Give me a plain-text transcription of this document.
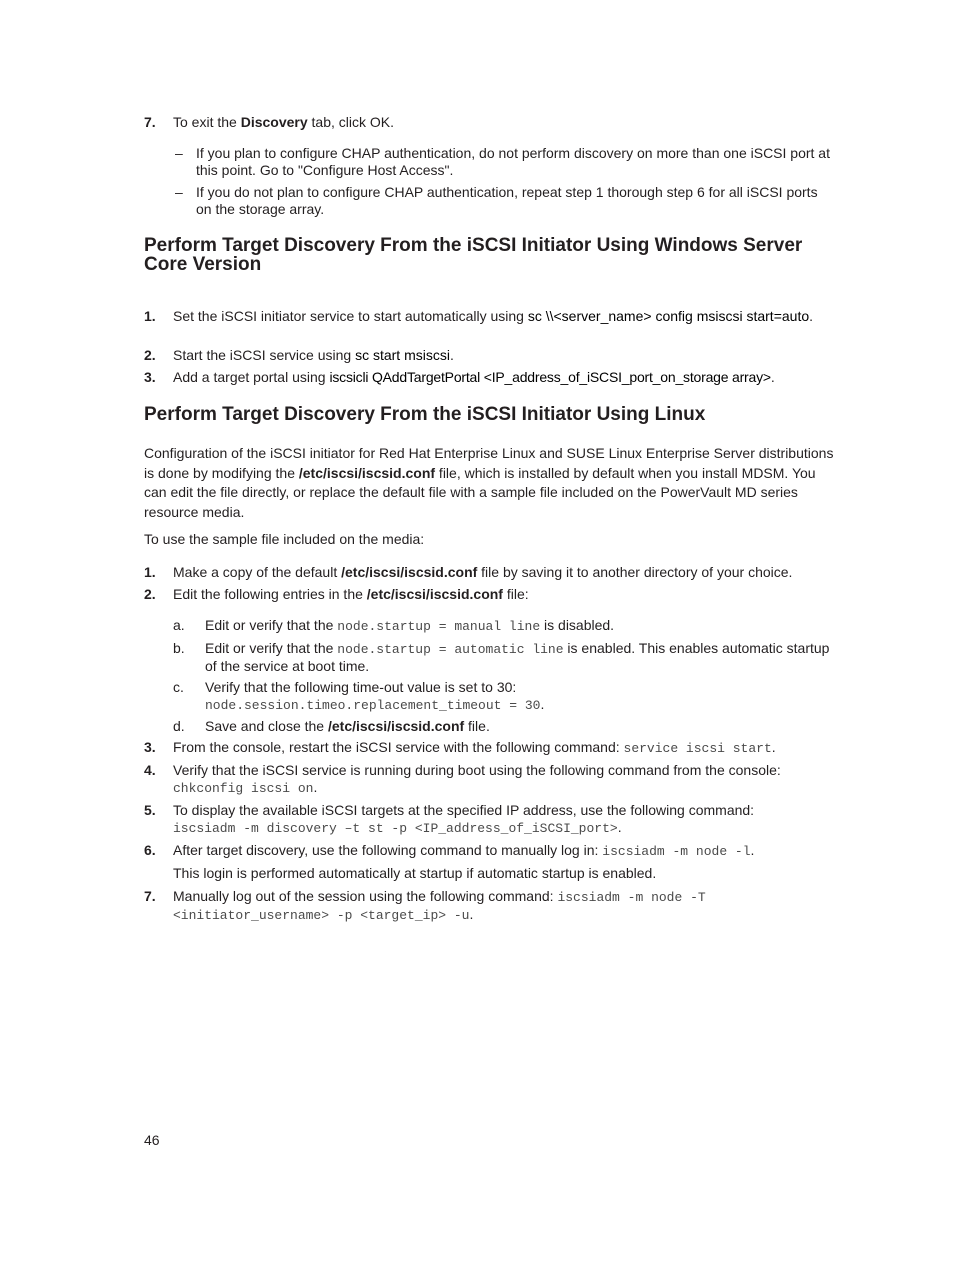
7. To exit the Discovery tab, click OK.
– If you plan to configure CHAP authentication, do not perform discovery on more than one iSCSI port at this point. Go to "Configure Host Access".
– If you do not plan to configure CHAP authentication, repeat step 1 thorough step 6 for all iSCSI ports on the storage array.
Perform Target Discovery From the iSCSI Initiator Using Windows Server Core Version
1. Set the iSCSI initiator service to start automatically using sc \\<server_name> config msiscsi start=auto.
2. Start the iSCSI service using sc start msiscsi.
3. Add a target portal using iscsicli QAddTargetPortal <IP_address_of_iSCSI_port_on_storage array>.
Perform Target Discovery From the iSCSI Initiator Using Linux
Configuration of the iSCSI initiator for Red Hat Enterprise Linux and SUSE Linux Enterprise Server distributions is done by modifying the /etc/iscsi/iscsid.conf file, which is installed by default when you install MDSM. You can edit the file directly, or replace the default file with a sample file included on the PowerVault MD series resource media.
To use the sample file included on the media:
1. Make a copy of the default /etc/iscsi/iscsid.conf file by saving it to another directory of your choice.
2. Edit the following entries in the /etc/iscsi/iscsid.conf file:
a. Edit or verify that the node.startup = manual line is disabled.
b. Edit or verify that the node.startup = automatic line is enabled. This enables automatic startup of the service at boot time.
c. Verify that the following time-out value is set to 30:
node.session.timeo.replacement_timeout = 30.
d. Save and close the /etc/iscsi/iscsid.conf file.
3. From the console, restart the iSCSI service with the following command: service iscsi start.
4. Verify that the iSCSI service is running during boot using the following command from the console:
chkconfig iscsi on.
5. To display the available iSCSI targets at the specified IP address, use the following command:
iscsiadm -m discovery –t st -p <IP_address_of_iSCSI_port>.
6. After target discovery, use the following command to manually log in: iscsiadm -m node -l.
This login is performed automatically at startup if automatic startup is enabled.
7. Manually log out of the session using the following command: iscsiadm -m node -T
<initiator_username> -p <target_ip> -u.
46
